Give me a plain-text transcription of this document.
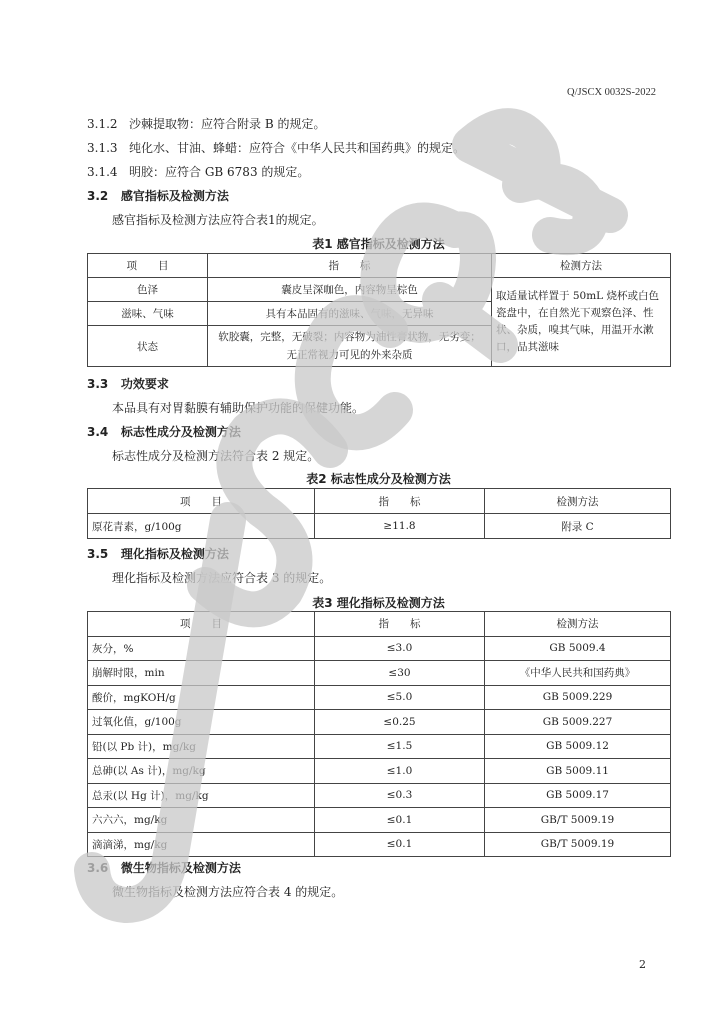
Q/JSCX 0032S-2022
3.1.2 沙棘提取物：应符合附录 B 的规定。
3.1.3 纯化水、甘油、蜂蜡：应符合《中华人民共和国药典》的规定。
3.1.4 明胶：应符合 GB 6783 的规定。
3.2 感官指标及检测方法
感官指标及检测方法应符合表1的规定。
表1 感官指标及检测方法
项　　目	指　　标	检测方法
色泽	囊皮呈深咖色，内容物呈棕色	取适量试样置于 50mL 烧杯或白色瓷盘中，在自然光下观察色泽、性状、杂质，嗅其气味，用温开水漱口，品其滋味
滋味、气味	具有本品固有的滋味、气味，无异味	
状态	软胶囊，完整，无破裂；内容物为油性膏状物，无劣变；
无正常视力可见的外来杂质	
3.3 功效要求
本品具有对胃黏膜有辅助保护功能的保健功能。
3.4 标志性成分及检测方法
标志性成分及检测方法符合表 2 规定。
表2 标志性成分及检测方法
项　　目	指　　标	检测方法
原花青素，g/100g	≥11.8	附录 C
3.5 理化指标及检测方法
理化指标及检测方法应符合表 3 的规定。
表3 理化指标及检测方法
项　　目	指　　标	检测方法
灰分，%	≤3.0	GB 5009.4
崩解时限，min	≤30	《中华人民共和国药典》
酸价，mgKOH/g	≤5.0	GB 5009.229
过氧化值，g/100g	≤0.25	GB 5009.227
铅(以 Pb 计)，mg/kg	≤1.5	GB 5009.12
总砷(以 As 计)，mg/kg	≤1.0	GB 5009.11
总汞(以 Hg 计)，mg/kg	≤0.3	GB 5009.17
六六六，mg/kg	≤0.1	GB/T 5009.19
滴滴涕，mg/kg	≤0.1	GB/T 5009.19
3.6 微生物指标及检测方法
微生物指标及检测方法应符合表 4 的规定。
2
